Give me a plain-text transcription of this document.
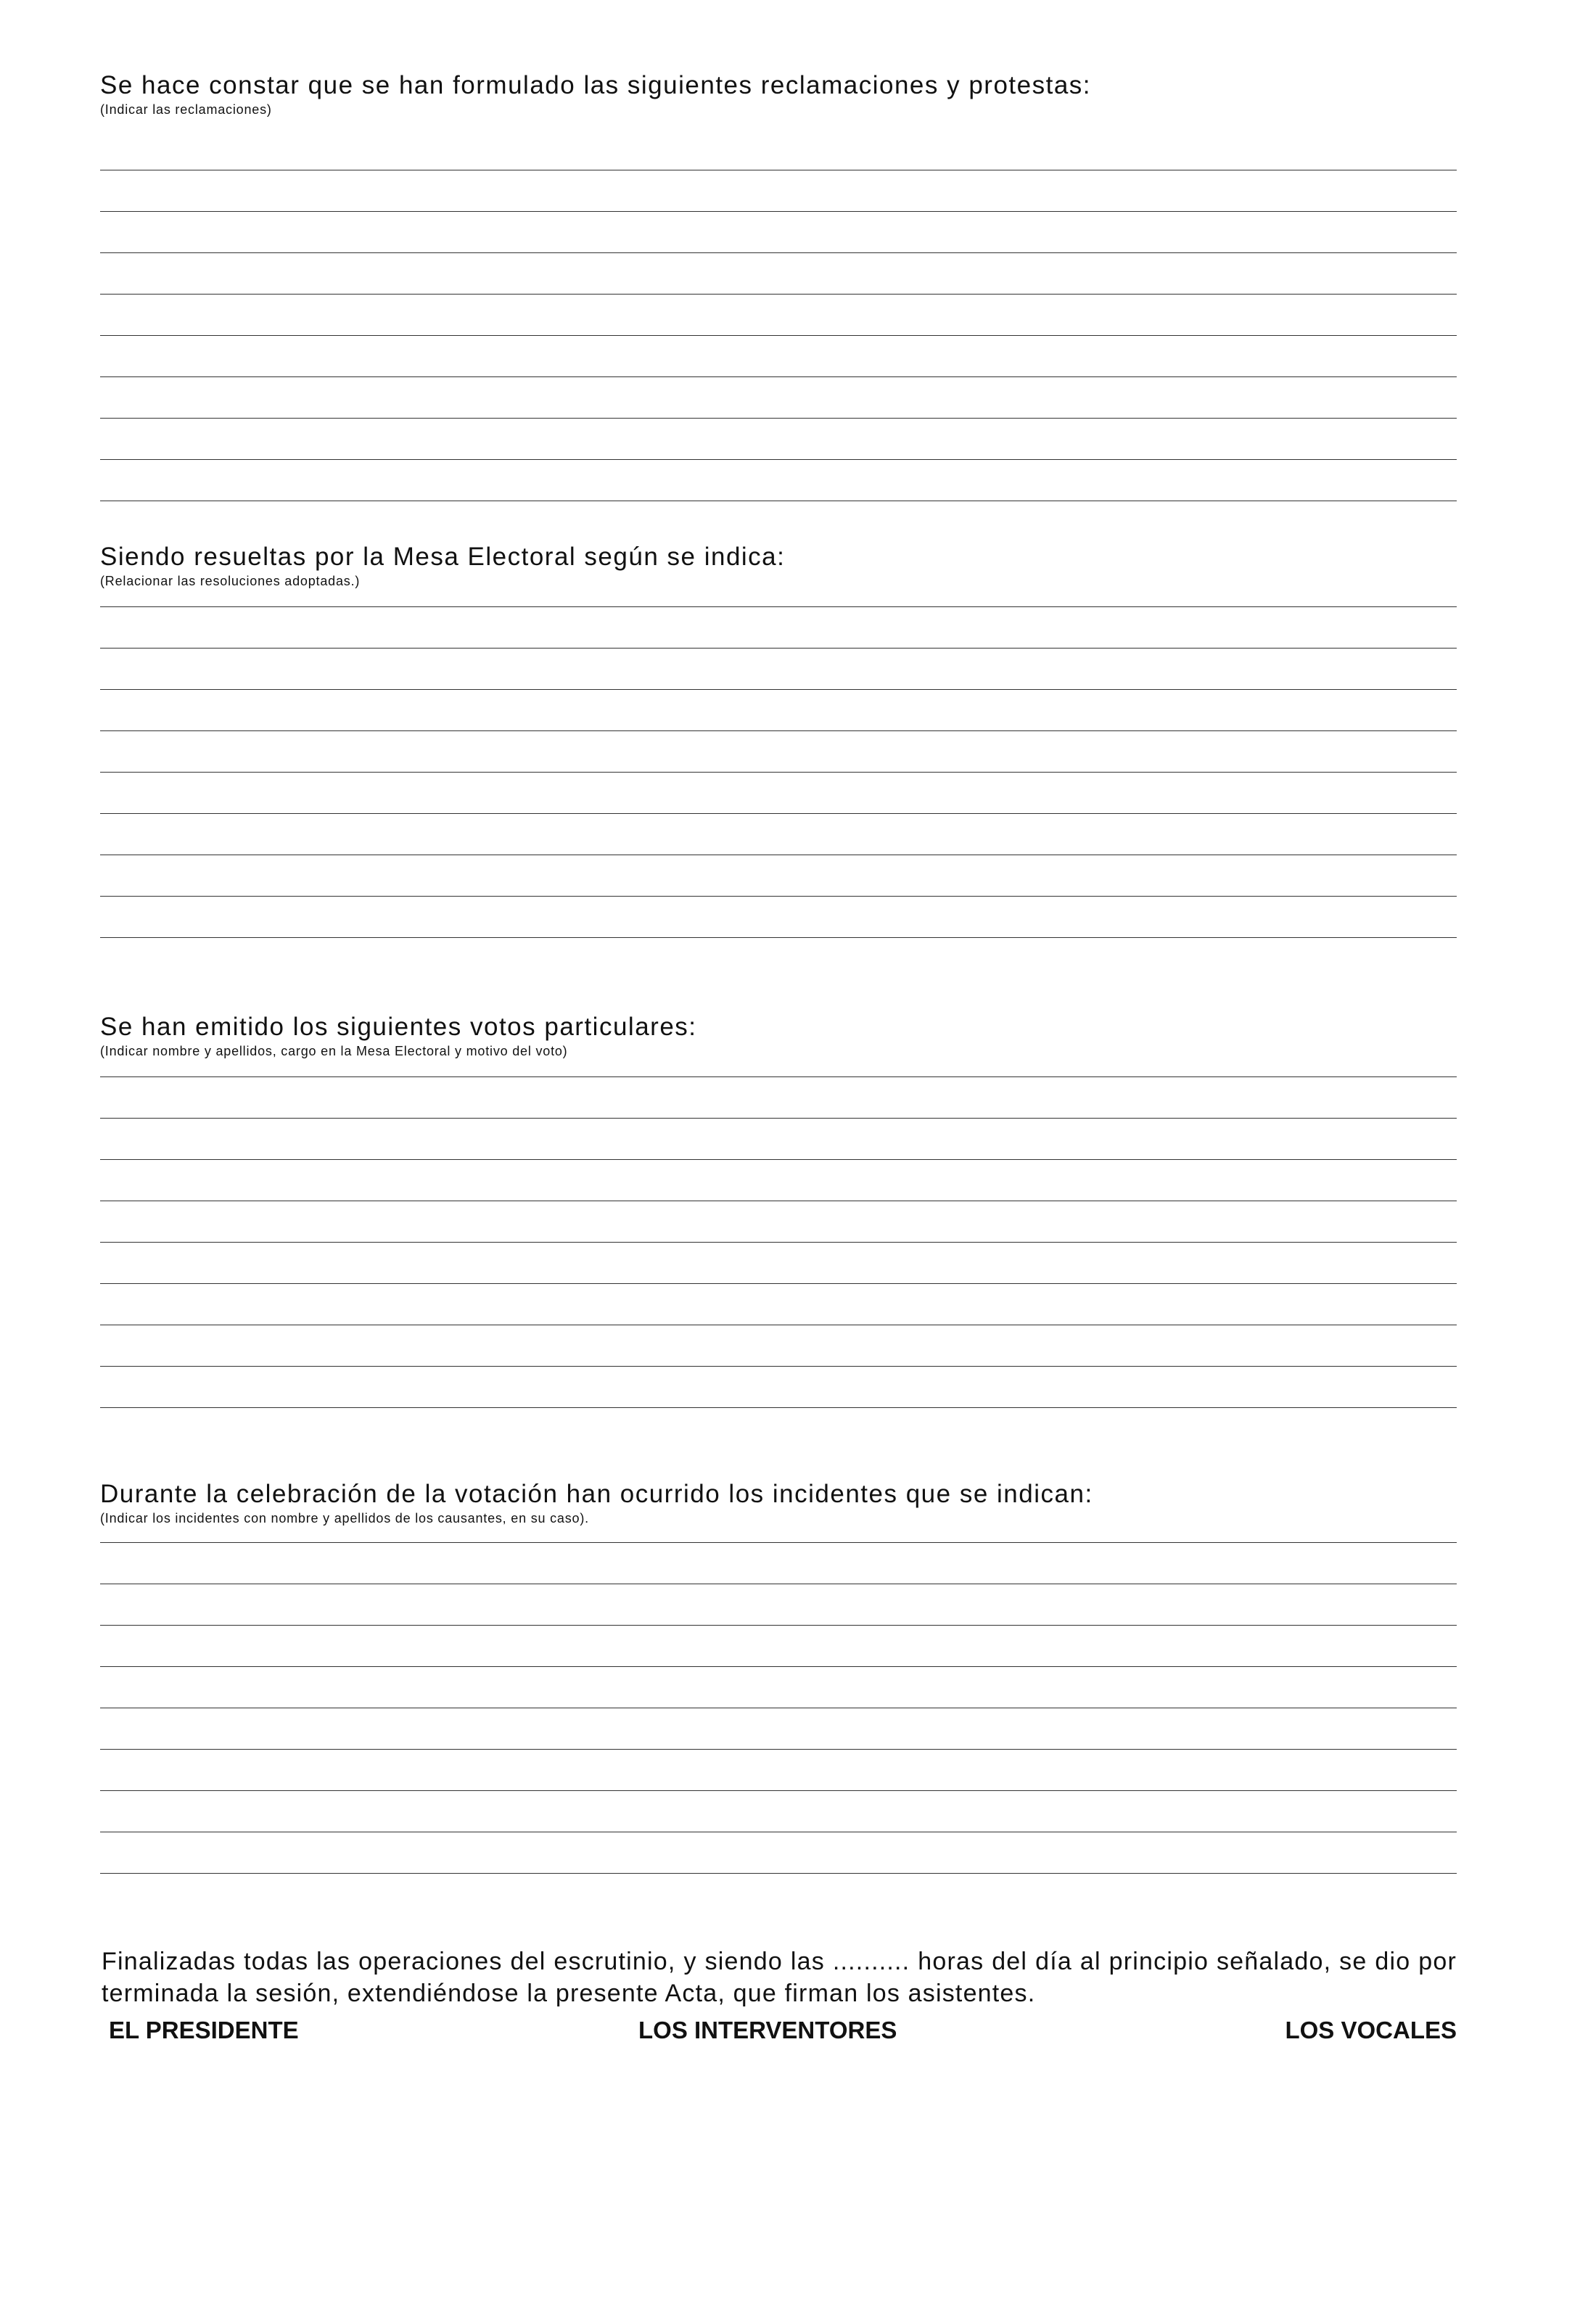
Se hace constar que se han formulado las siguientes reclamaciones y protestas:
(Indicar las reclamaciones)
Siendo resueltas por la Mesa Electoral según se indica:
(Relacionar las resoluciones adoptadas.)
Se han emitido los siguientes votos particulares:
(Indicar nombre y apellidos, cargo en la Mesa Electoral y motivo del voto)
Durante la celebración de la votación han ocurrido los incidentes que se indican:
(Indicar los incidentes con nombre y apellidos de los causantes, en su caso).
Finalizadas todas las operaciones del escrutinio, y siendo las .......... horas del día al principio señalado, se dio por terminada la sesión, extendiéndose la presente Acta, que firman los asistentes.
EL PRESIDENTE	LOS INTERVENTORES	LOS VOCALES
